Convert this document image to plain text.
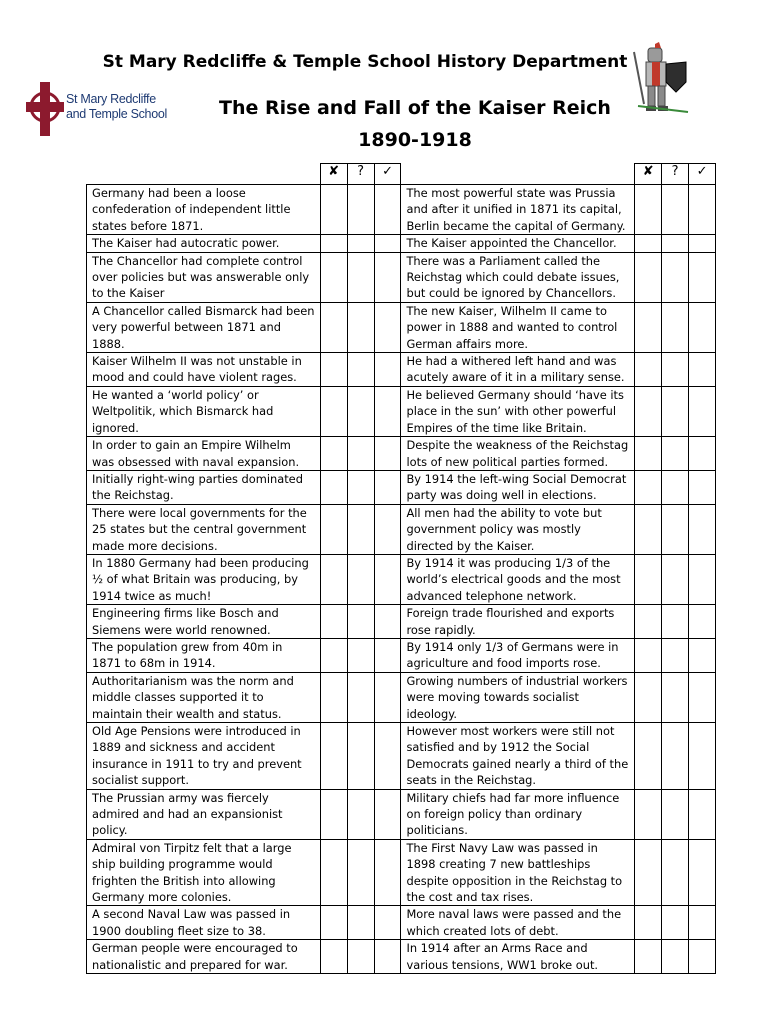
St Mary Redcliffe & Temple School History Department
St Mary Redcliffe and Temple School	The Rise and Fall of the Kaiser Reich 1890-1918
	✘	?	✓		✘	?	✓
Germany had been a loose confederation of independent little states before 1871.				The most powerful state was Prussia and after it unified in 1871 its capital, Berlin became the capital of Germany.			
The Kaiser had autocratic power.				The Kaiser appointed the Chancellor.			
The Chancellor had complete control over policies but was answerable only to the Kaiser				There was a Parliament called the Reichstag which could debate issues, but could be ignored by Chancellors.			
A Chancellor called Bismarck had been very powerful between 1871 and 1888.				The new Kaiser, Wilhelm II came to power in 1888 and wanted to control German affairs more.			
Kaiser Wilhelm II was not unstable in mood and could have violent rages.				He had a withered left hand and was acutely aware of it in a military sense.			
He wanted a ‘world policy’ or Weltpolitik, which Bismarck had ignored.				He believed Germany should ‘have its place in the sun’ with other powerful Empires of the time like Britain.			
In order to gain an Empire Wilhelm was obsessed with naval expansion.				Despite the weakness of the Reichstag lots of new political parties formed.			
Initially right-wing parties dominated the Reichstag.				By 1914 the left-wing Social Democrat party was doing well in elections.			
There were local governments for the 25 states but the central government made more decisions.				All men had the ability to vote but government policy was mostly directed by the Kaiser.			
In 1880 Germany had been producing ½ of what Britain was producing, by 1914 twice as much!				By 1914 it was producing 1/3 of the world’s electrical goods and the most advanced telephone network.			
Engineering firms like Bosch and Siemens were world renowned.				Foreign trade flourished and exports rose rapidly.			
The population grew from 40m in 1871 to 68m in 1914.				By 1914 only 1/3 of Germans were in agriculture and food imports rose.			
Authoritarianism was the norm and middle classes supported it to maintain their wealth and status.				Growing numbers of industrial workers were moving towards socialist ideology.			
Old Age Pensions were introduced in 1889 and sickness and accident insurance in 1911 to try and prevent socialist support.				However most workers were still not satisfied and by 1912 the Social Democrats gained nearly a third of the seats in the Reichstag.			
The Prussian army was fiercely admired and had an expansionist policy.				Military chiefs had far more influence on foreign policy than ordinary politicians.			
Admiral von Tirpitz felt that a large ship building programme would frighten the British into allowing Germany more colonies.				The First Navy Law was passed in 1898 creating 7 new battleships despite opposition in the Reichstag to the cost and tax rises.			
A second Naval Law was passed in 1900 doubling fleet size to 38.				More naval laws were passed and the which created lots of debt.			
German people were encouraged to nationalistic and prepared for war.				In 1914 after an Arms Race and various tensions, WW1 broke out.			
